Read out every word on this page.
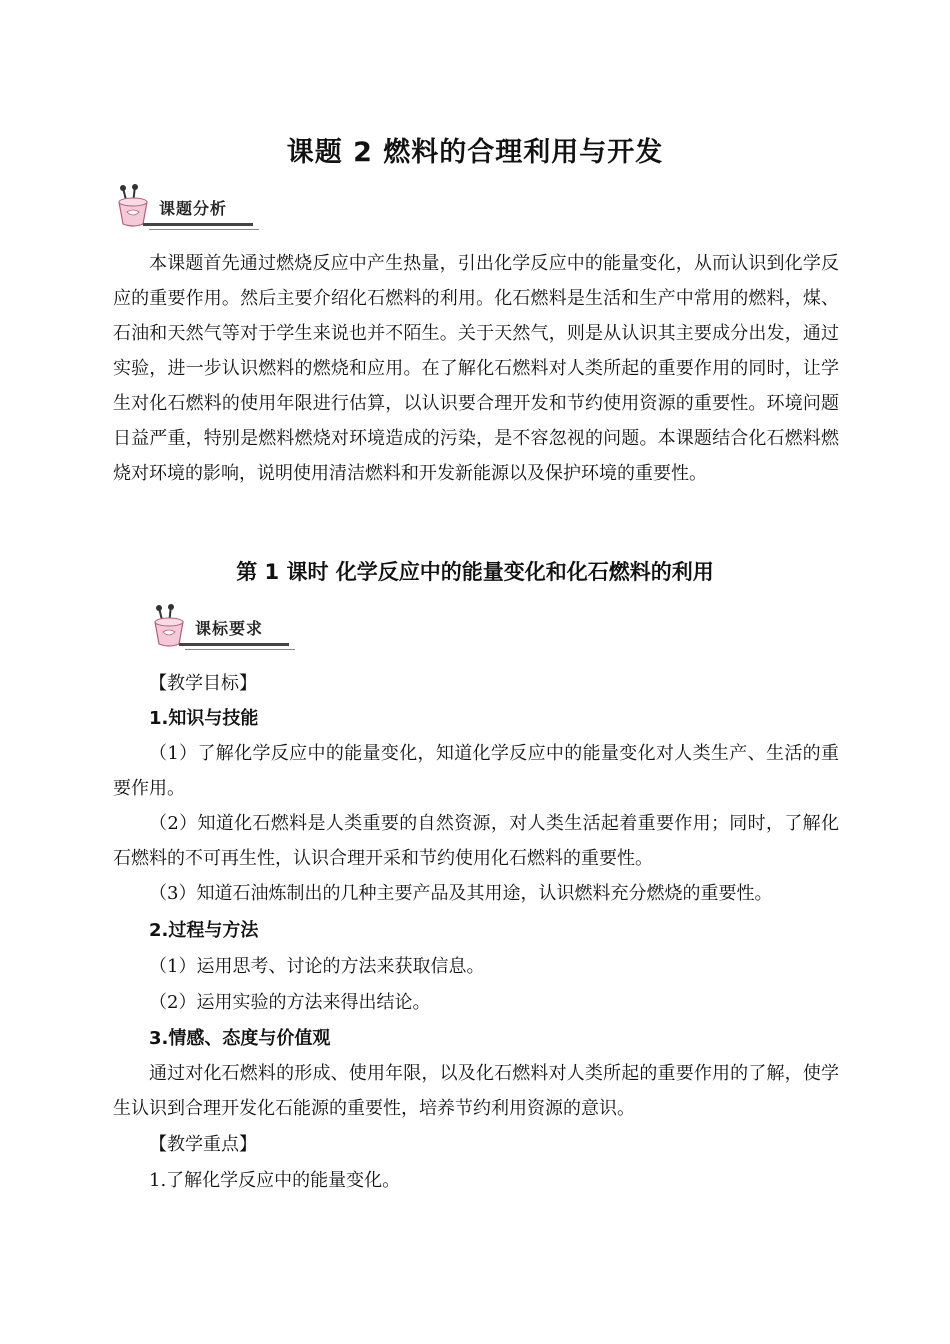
课题 2 燃料的合理利用与开发
课题分析
本课题首先通过燃烧反应中产生热量，引出化学反应中的能量变化，从而认识到化学反应的重要作用。然后主要介绍化石燃料的利用。化石燃料是生活和生产中常用的燃料，煤、石油和天然气等对于学生来说也并不陌生。关于天然气，则是从认识其主要成分出发，通过实验，进一步认识燃料的燃烧和应用。在了解化石燃料对人类所起的重要作用的同时，让学生对化石燃料的使用年限进行估算，以认识要合理开发和节约使用资源的重要性。环境问题日益严重，特别是燃料燃烧对环境造成的污染，是不容忽视的问题。本课题结合化石燃料燃烧对环境的影响，说明使用清洁燃料和开发新能源以及保护环境的重要性。
第 1 课时 化学反应中的能量变化和化石燃料的利用
课标要求
【教学目标】
1.知识与技能
（1）了解化学反应中的能量变化，知道化学反应中的能量变化对人类生产、生活的重要作用。
（2）知道化石燃料是人类重要的自然资源，对人类生活起着重要作用；同时，了解化石燃料的不可再生性，认识合理开采和节约使用化石燃料的重要性。
（3）知道石油炼制出的几种主要产品及其用途，认识燃料充分燃烧的重要性。
2.过程与方法
（1）运用思考、讨论的方法来获取信息。
（2）运用实验的方法来得出结论。
3.情感、态度与价值观
通过对化石燃料的形成、使用年限，以及化石燃料对人类所起的重要作用的了解，使学生认识到合理开发化石能源的重要性，培养节约利用资源的意识。
【教学重点】
1.了解化学反应中的能量变化。
